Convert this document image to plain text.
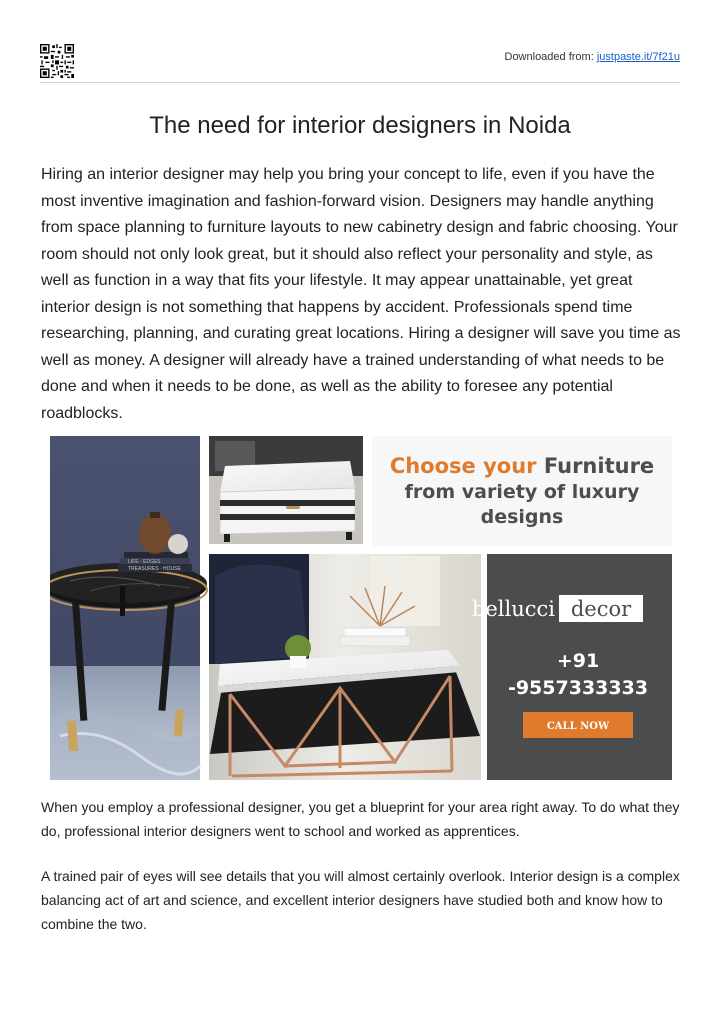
Downloaded from: justpaste.it/7f21u
The need for interior designers in Noida

Hiring an interior designer may help you bring your concept to life, even if you have the most inventive imagination and fashion-forward vision. Designers may handle anything from space planning to furniture layouts to new cabinetry design and fabric choosing. Your room should not only look great, but it should also reflect your personality and style, as well as function in a way that fits your lifestyle. It may appear unattainable, yet great interior design is not something that happens by accident. Professionals spend time researching, planning, and curating great locations. Hiring a designer will save you time as well as money. A designer will already have a trained understanding of what needs to be done and when it needs to be done, as well as the ability to foresee any potential roadblocks.

TREASURES · HOUSE
LIFE · EDGES
Choose your Furniture
from variety of luxury
designs
bellucci decor
+91
-9557333333
CALL NOW

When you employ a professional designer, you get a blueprint for your area right away. To do what they do, professional interior designers went to school and worked as apprentices.

A trained pair of eyes will see details that you will almost certainly overlook. Interior design is a complex balancing act of art and science, and excellent interior designers have studied both and know how to combine the two.
